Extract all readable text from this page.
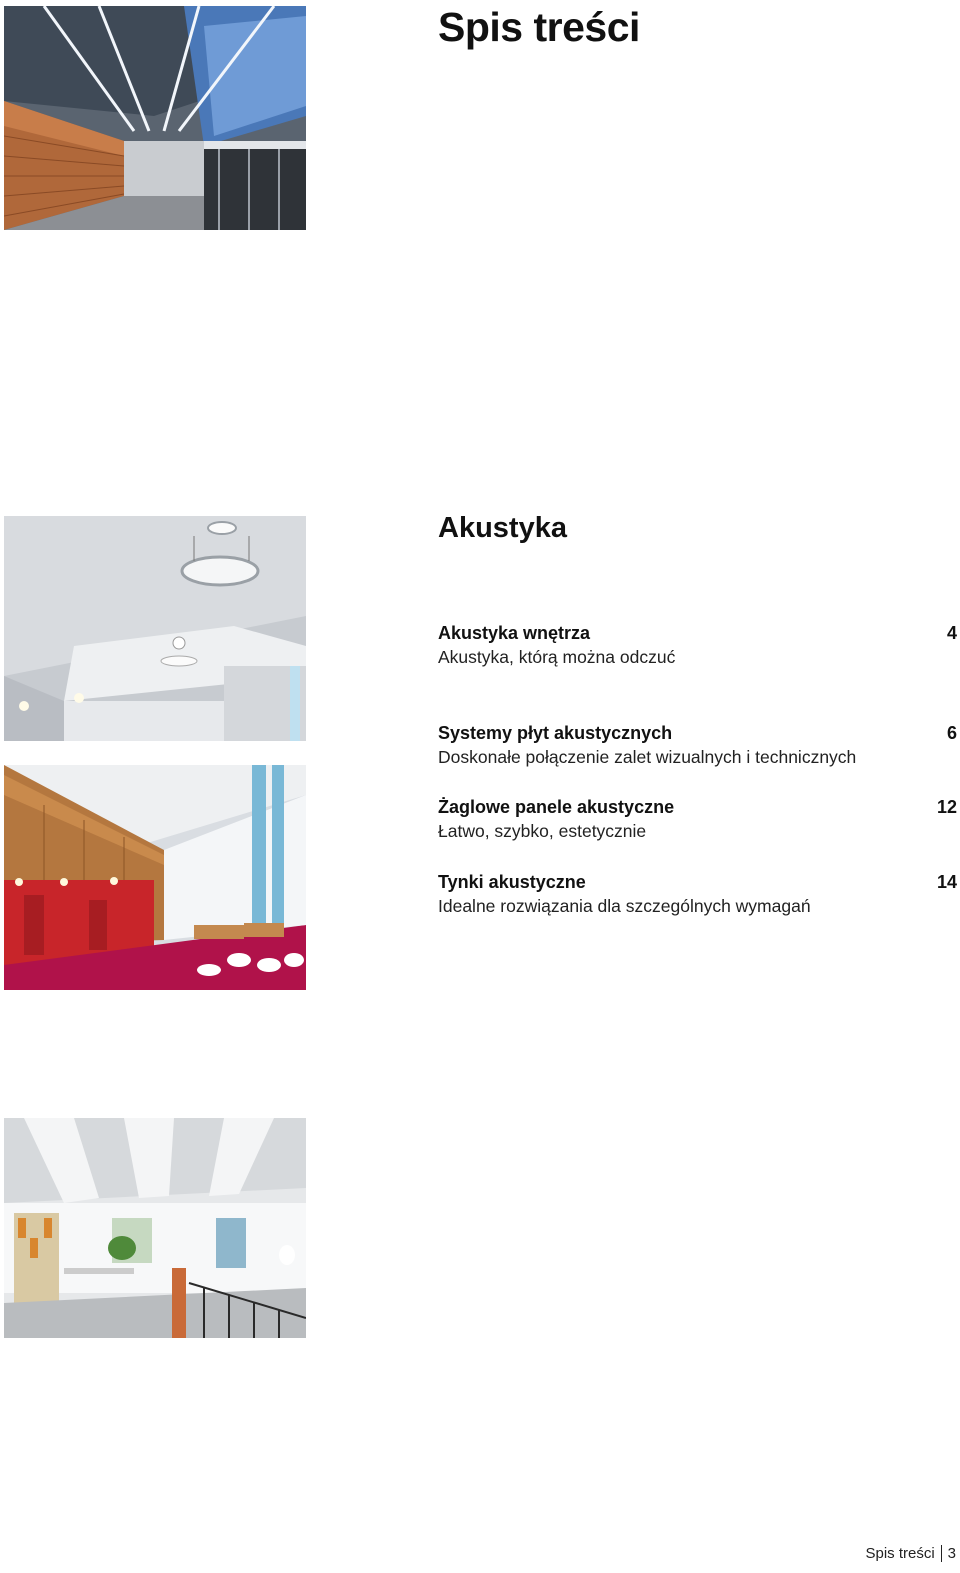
Spis treści
Akustyka
Akustyka wnętrza	4
Akustyka, którą można odczuć
Systemy płyt akustycznych	6
Doskonałe połączenie zalet wizualnych i technicznych
Żaglowe panele akustyczne	12
Łatwo, szybko, estetycznie
Tynki akustyczne	14
Idealne rozwiązania dla szczególnych wymagań
Spis treści 3
